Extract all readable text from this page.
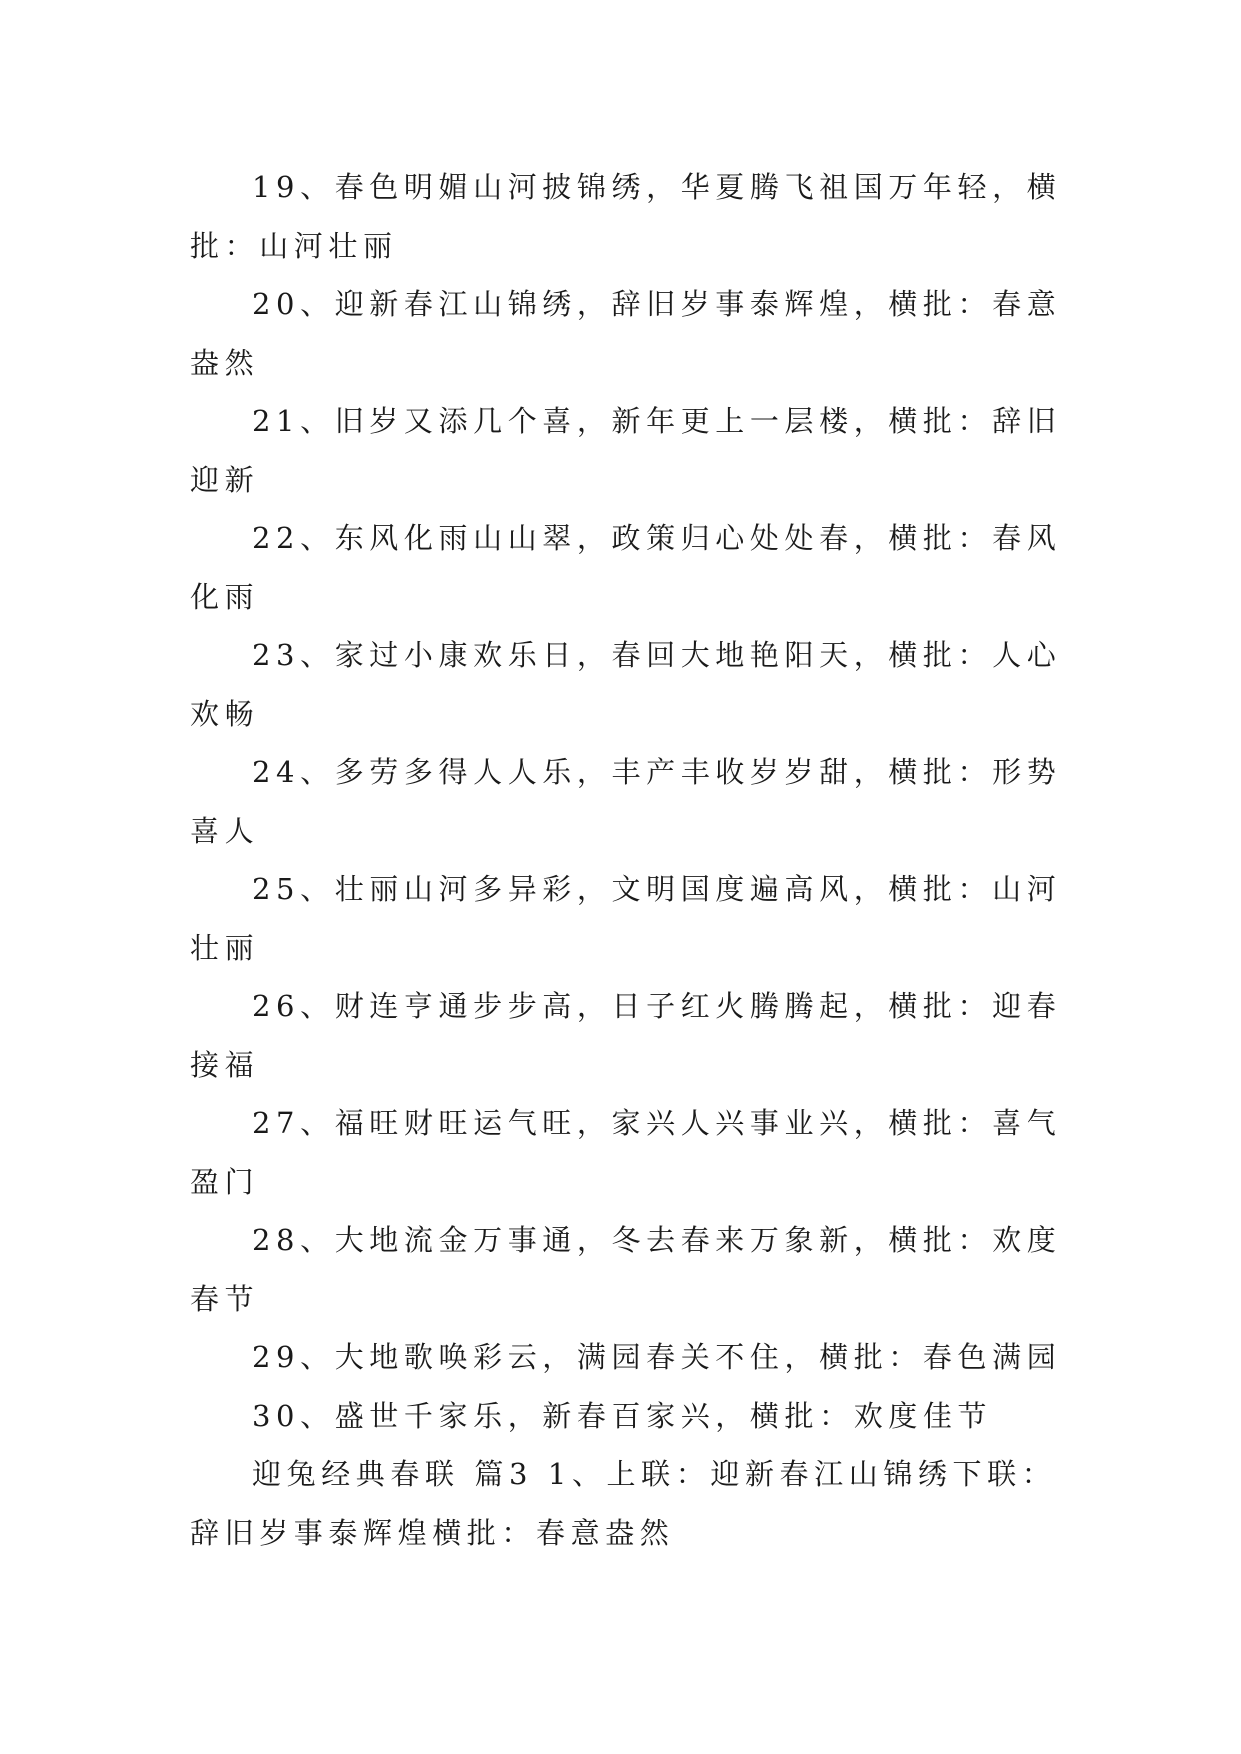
19、春色明媚山河披锦绣，华夏腾飞祖国万年轻，横批：山河壮丽

20、迎新春江山锦绣，辞旧岁事泰辉煌，横批：春意盎然

21、旧岁又添几个喜，新年更上一层楼，横批：辞旧迎新

22、东风化雨山山翠，政策归心处处春，横批：春风化雨

23、家过小康欢乐日，春回大地艳阳天，横批：人心欢畅

24、多劳多得人人乐，丰产丰收岁岁甜，横批：形势喜人

25、壮丽山河多异彩，文明国度遍高风，横批：山河壮丽

26、财连亨通步步高，日子红火腾腾起，横批：迎春接福

27、福旺财旺运气旺，家兴人兴事业兴，横批：喜气盈门

28、大地流金万事通，冬去春来万象新，横批：欢度春节

29、大地歌唤彩云，满园春关不住，横批：春色满园

30、盛世千家乐，新春百家兴，横批：欢度佳节

迎兔经典春联 篇3 1、上联：迎新春江山锦绣下联：辞旧岁事泰辉煌横批：春意盎然
